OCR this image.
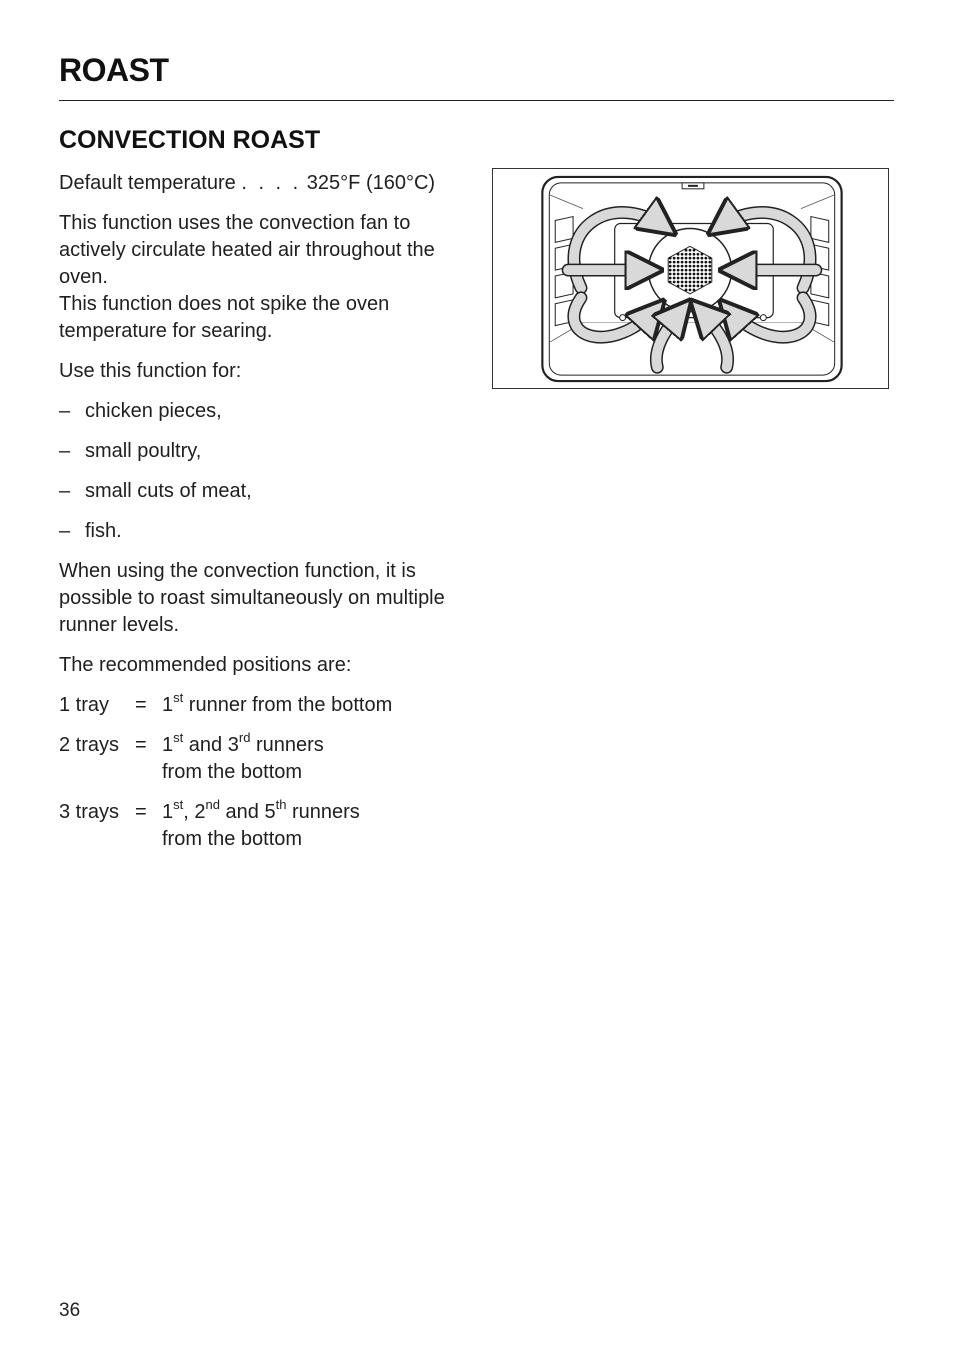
ROAST
CONVECTION ROAST

Default temperature . . . . 325°F (160°C)

This function uses the convection fan to actively circulate heated air throughout the oven.
This function does not spike the oven temperature for searing.

Use this function for:

– chicken pieces,
– small poultry,
– small cuts of meat,
– fish.

When using the convection function, it is possible to roast simultaneously on multiple runner levels.

The recommended positions are:

1 tray	= 1st runner from the bottom
2 trays = 1st and 3rd runners
from the bottom
3 trays = 1st, 2nd and 5th runners
from the bottom
36
